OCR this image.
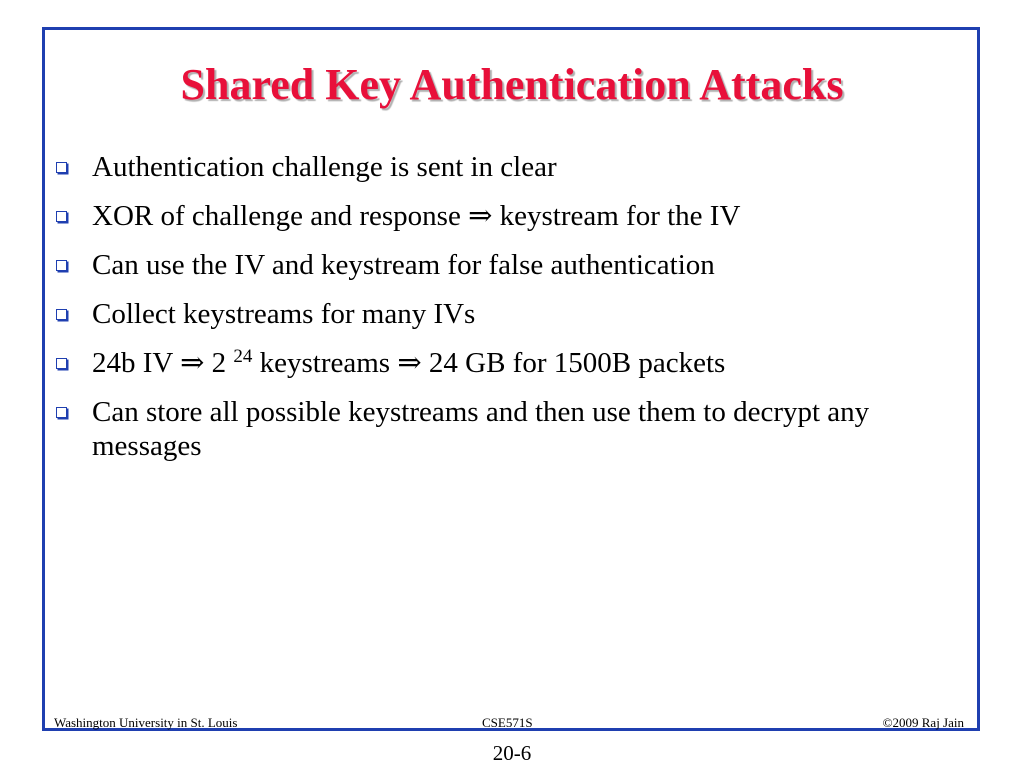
Shared Key Authentication Attacks
Authentication challenge is sent in clear
XOR of challenge and response ⇒ keystream for the IV
Can use the IV and keystream for false authentication
Collect keystreams for many IVs
24b IV ⇒ 2 $^{24}$ keystreams ⇒ 24 GB for 1500B packets
Can store all possible keystreams and then use them to decrypt any messages
Washington University in St. Louis	CSE571S	©2009 Raj Jain
20-6
